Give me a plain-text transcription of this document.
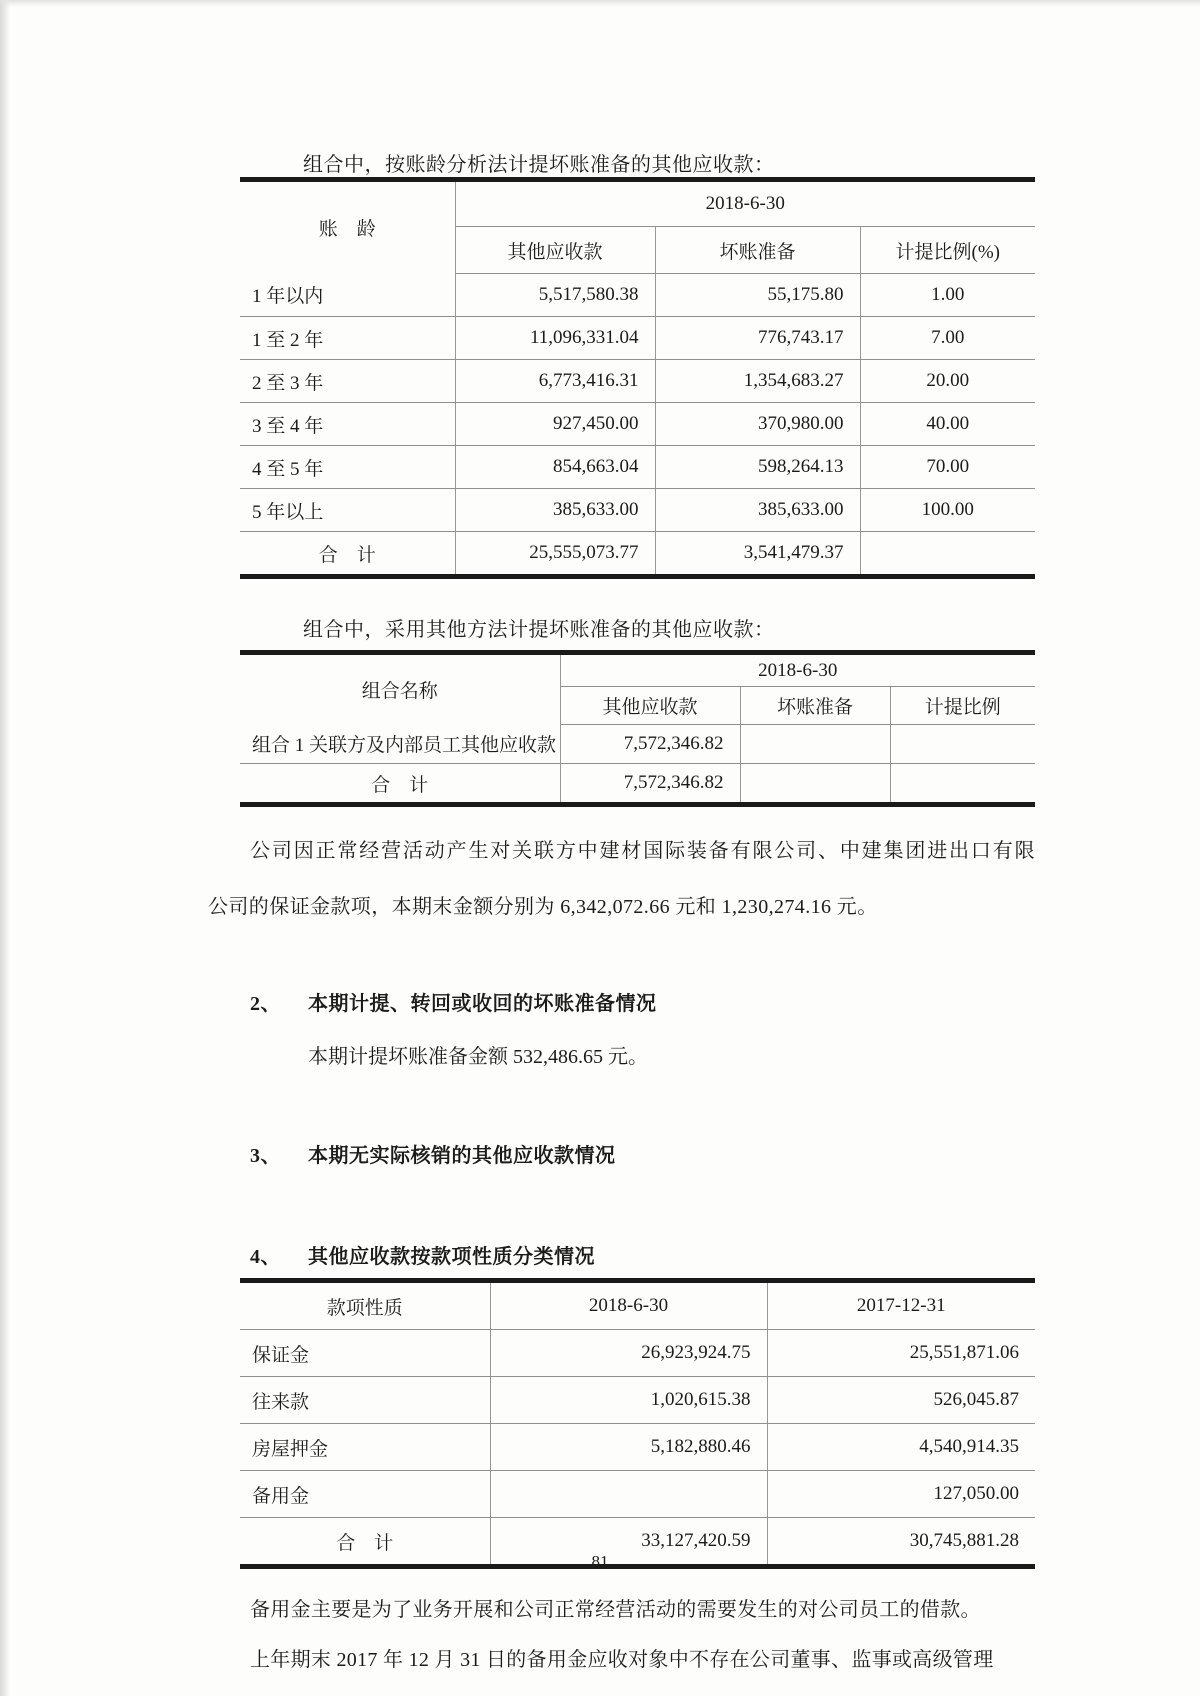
组合中，按账龄分析法计提坏账准备的其他应收款：
账　龄	2018-6-30		
	其他应收款	坏账准备	计提比例(%)
1 年以内	5,517,580.38	55,175.80	1.00
1 至 2 年	11,096,331.04	776,743.17	7.00
2 至 3 年	6,773,416.31	1,354,683.27	20.00
3 至 4 年	927,450.00	370,980.00	40.00
4 至 5 年	854,663.04	598,264.13	70.00
5 年以上	385,633.00	385,633.00	100.00
合　计	25,555,073.77	3,541,479.37	
组合中，采用其他方法计提坏账准备的其他应收款：
组合名称	2018-6-30		
	其他应收款	坏账准备	计提比例
组合 1 关联方及内部员工其他应收款	7,572,346.82		
合　计	7,572,346.82		
公司因正常经营活动产生对关联方中建材国际装备有限公司、中建集团进出口有限
公司的保证金款项，本期末金额分别为 6,342,072.66 元和 1,230,274.16 元。
2、 本期计提、转回或收回的坏账准备情况
本期计提坏账准备金额 532,486.65 元。
3、 本期无实际核销的其他应收款情况
4、 其他应收款按款项性质分类情况
款项性质	2018-6-30	2017-12-31
保证金	26,923,924.75	25,551,871.06
往来款	1,020,615.38	526,045.87
房屋押金	5,182,880.46	4,540,914.35
备用金		127,050.00
合　计	33,127,420.59	30,745,881.28
备用金主要是为了业务开展和公司正常经营活动的需要发生的对公司员工的借款。
上年期末 2017 年 12 月 31 日的备用金应收对象中不存在公司董事、监事或高级管理
81
